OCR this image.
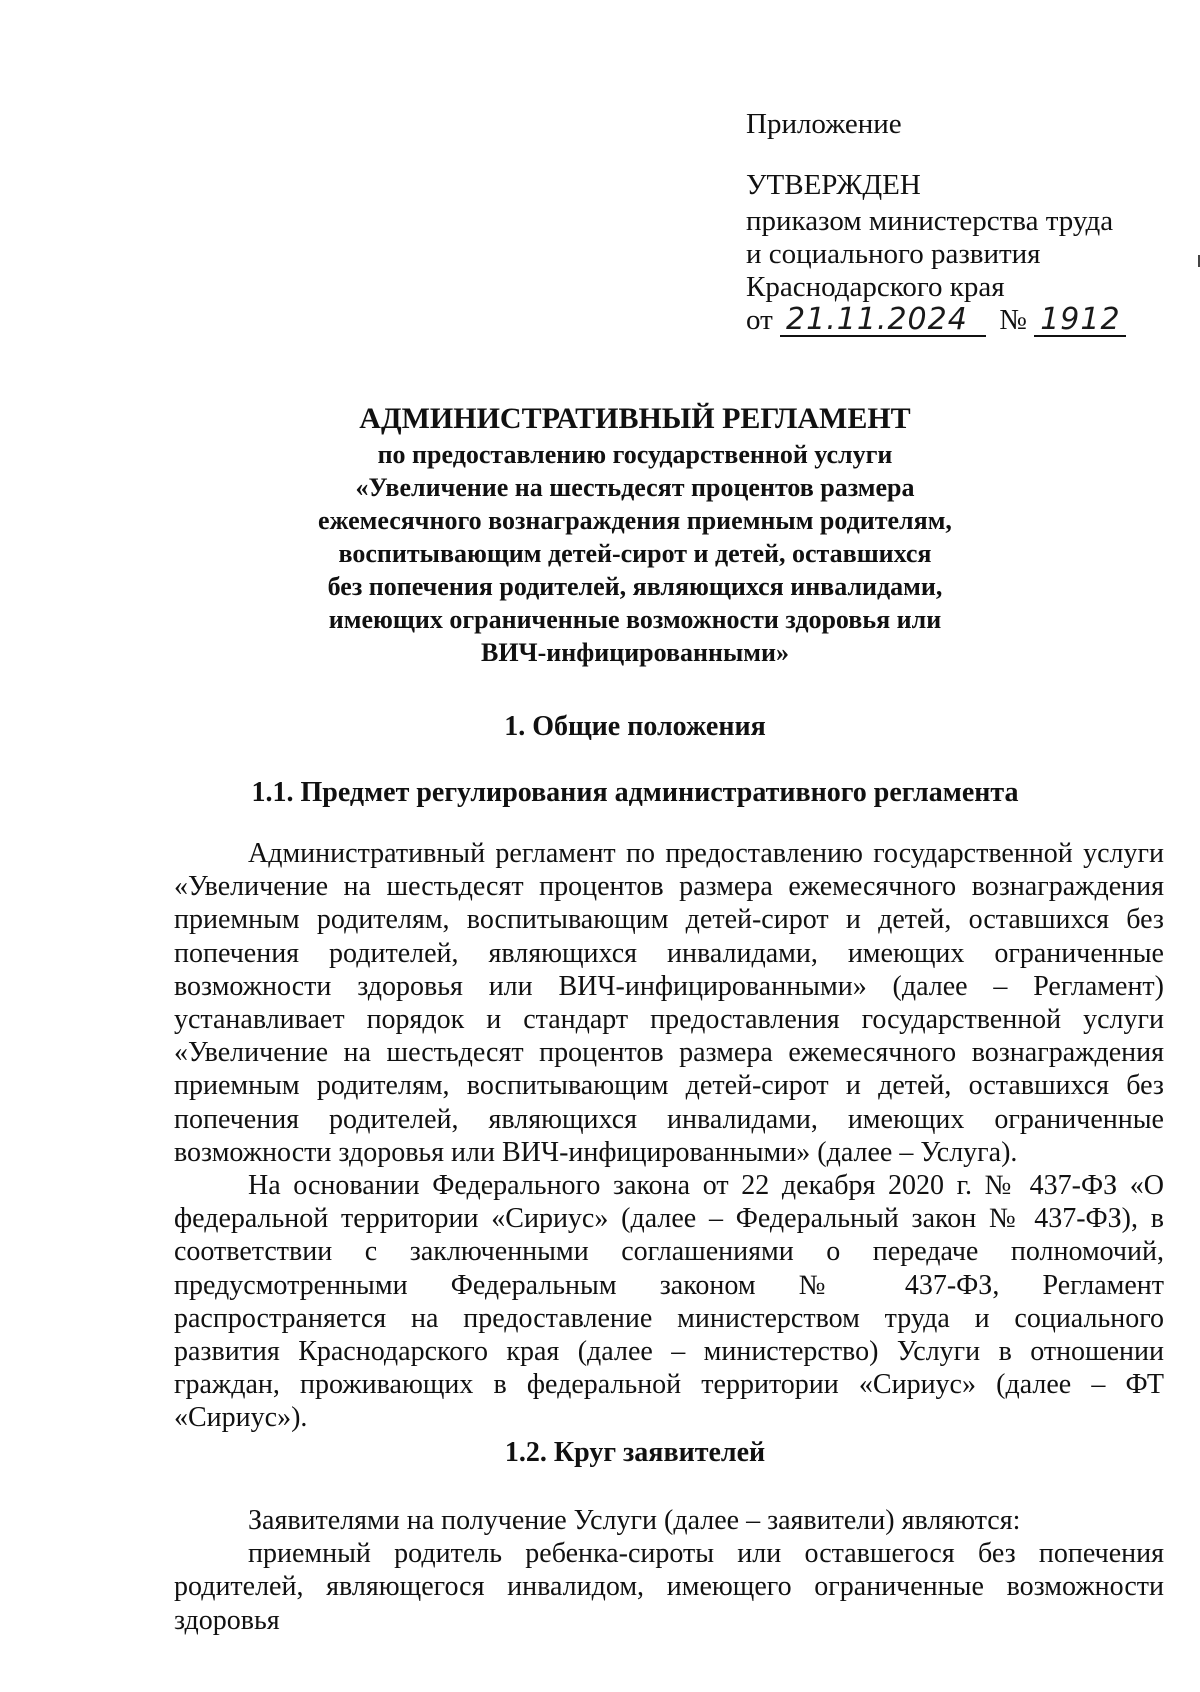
Приложение
УТВЕРЖДЕН
приказом министерства труда
и социального развития
Краснодарского края
от 21.11.2024 № 1912
АДМИНИСТРАТИВНЫЙ РЕГЛАМЕНТ
по предоставлению государственной услуги
«Увеличение на шестьдесят процентов размера
ежемесячного вознаграждения приемным родителям,
воспитывающим детей-сирот и детей, оставшихся
без попечения родителей, являющихся инвалидами,
имеющих ограниченные возможности здоровья или
ВИЧ-инфицированными»
1. Общие положения
1.1. Предмет регулирования административного регламента

Административный регламент по предоставлению государственной услуги «Увеличение на шестьдесят процентов размера ежемесячного вознаграждения приемным родителям, воспитывающим детей-сирот и детей, оставшихся без попечения родителей, являющихся инвалидами, имеющих ограниченные возможности здоровья или ВИЧ-инфицированными» (далее – Регламент) устанавливает порядок и стандарт предоставления государственной услуги «Увеличение на шестьдесят процентов размера ежемесячного вознаграждения приемным родителям, воспитывающим детей-сирот и детей, оставшихся без попечения родителей, являющихся инвалидами, имеющих ограниченные возможности здоровья или ВИЧ-инфицированными» (далее – Услуга).

На основании Федерального закона от 22 декабря 2020 г. № 437-ФЗ «О федеральной территории «Сириус» (далее – Федеральный закон № 437-ФЗ), в соответствии с заключенными соглашениями о передаче полномочий, предусмотренными Федеральным законом № 437-ФЗ, Регламент распространяется на предоставление министерством труда и социального развития Краснодарского края (далее – министерство) Услуги в отношении граждан, проживающих в федеральной территории «Сириус» (далее – ФТ «Сириус»).

1.2. Круг заявителей

Заявителями на получение Услуги (далее – заявители) являются:

приемный родитель ребенка-сироты или оставшегося без попечения родителей, являющегося инвалидом, имеющего ограниченные возможности здоровья
